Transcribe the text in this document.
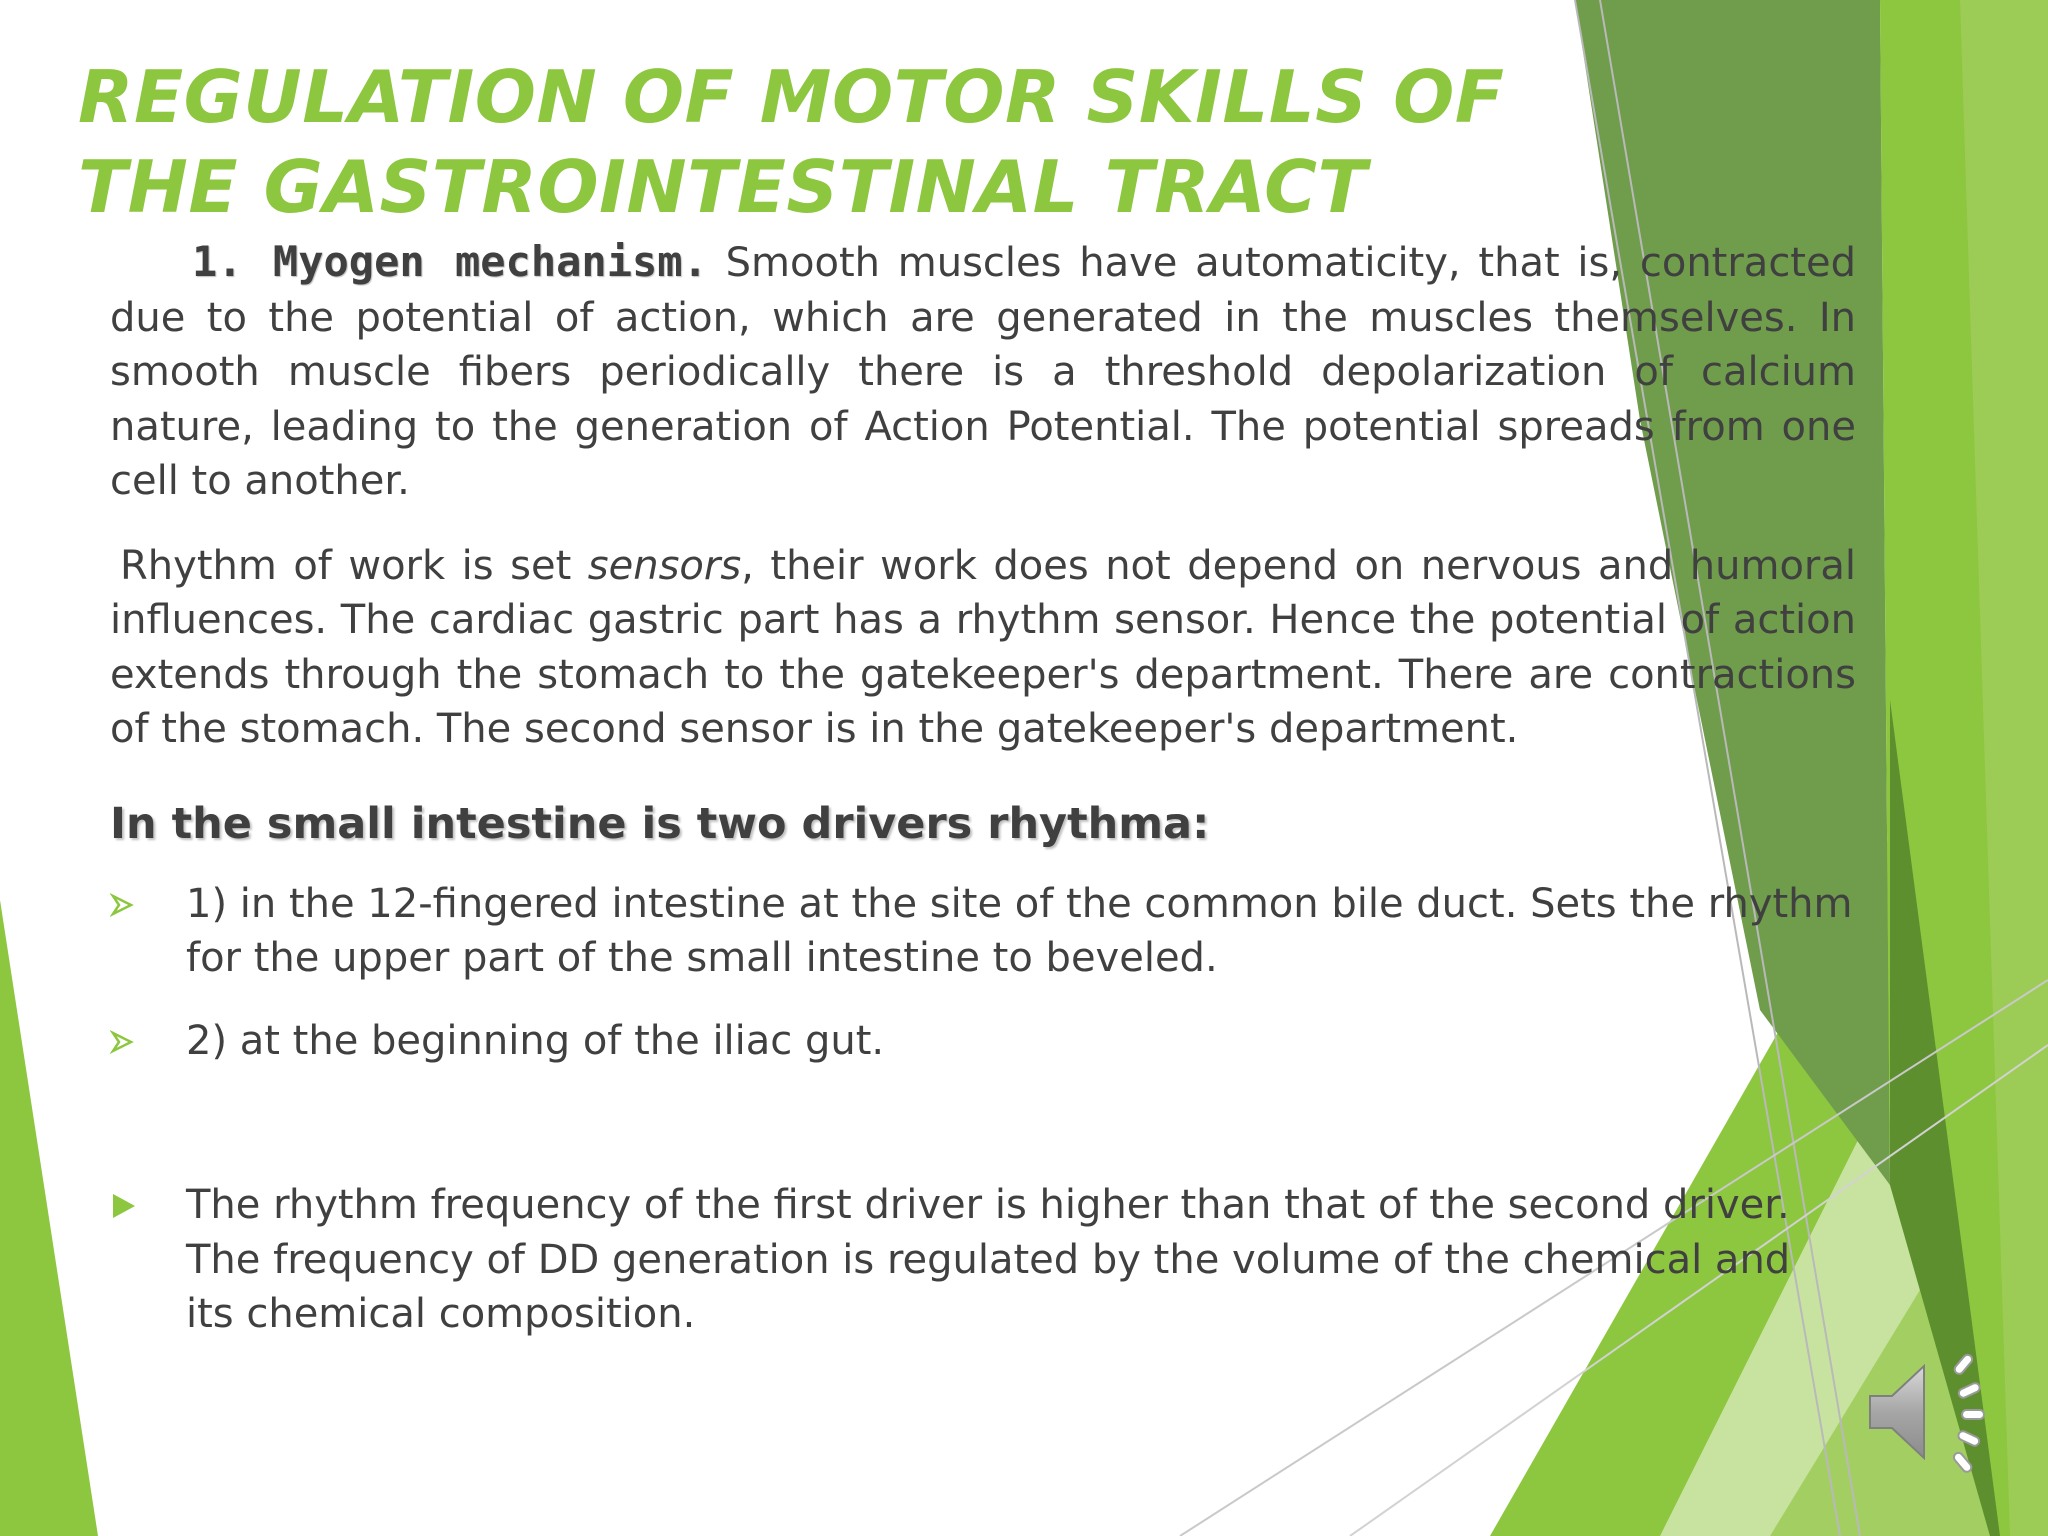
REGULATION OF MOTOR SKILLS OF THE GASTROINTESTINAL TRACT

1. Myogen mechanism. Smooth muscles have automaticity, that is, contracted due to the potential of action, which are generated in the muscles themselves. In smooth muscle fibers periodically there is a threshold depolarization of calcium nature, leading to the generation of Action Potential. The potential spreads from one cell to another.

Rhythm of work is set sensors, their work does not depend on nervous and humoral influences. The cardiac gastric part has a rhythm sensor. Hence the potential of action extends through the stomach to the gatekeeper's department. There are contractions of the stomach. The second sensor is in the gatekeeper's department.

In the small intestine is two drivers rhythma:
1) in the 12-fingered intestine at the site of the common bile duct. Sets the rhythm for the upper part of the small intestine to beveled.
2) at the beginning of the iliac gut.
The rhythm frequency of the first driver is higher than that of the second driver. The frequency of DD generation is regulated by the volume of the chemical and its chemical composition.
